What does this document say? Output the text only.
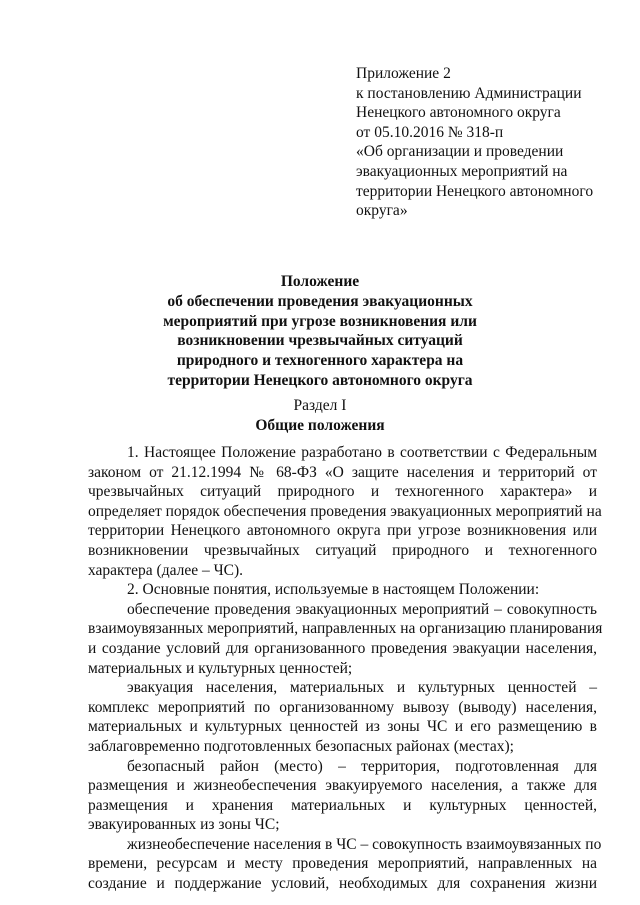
Приложение 2
к постановлению Администрации
Ненецкого автономного округа
от 05.10.2016 № 318-п
«Об организации и проведении
эвакуационных мероприятий на
территории Ненецкого автономного
округа»
Положение
об обеспечении проведения эвакуационных
мероприятий при угрозе возникновения или
возникновении чрезвычайных ситуаций
природного и техногенного характера на
территории Ненецкого автономного округа
Раздел I
Общие положения
1. Настоящее Положение разработано в соответствии с Федеральным
законом от 21.12.1994 № 68-ФЗ «О защите населения и территорий от
чрезвычайных ситуаций природного и техногенного характера» и
определяет порядок обеспечения проведения эвакуационных мероприятий на
территории Ненецкого автономного округа при угрозе возникновения или
возникновении чрезвычайных ситуаций природного и техногенного
характера (далее – ЧС).
2. Основные понятия, используемые в настоящем Положении:
обеспечение проведения эвакуационных мероприятий – совокупность
взаимоувязанных мероприятий, направленных на организацию планирования
и создание условий для организованного проведения эвакуации населения,
материальных и культурных ценностей;
эвакуация населения, материальных и культурных ценностей –
комплекс мероприятий по организованному вывозу (выводу) населения,
материальных и культурных ценностей из зоны ЧС и его размещению в
заблаговременно подготовленных безопасных районах (местах);
безопасный район (место) – территория, подготовленная для
размещения и жизнеобеспечения эвакуируемого населения, а также для
размещения и хранения материальных и культурных ценностей,
эвакуированных из зоны ЧС;
жизнеобеспечение населения в ЧС – совокупность взаимоувязанных по
времени, ресурсам и месту проведения мероприятий, направленных на
создание и поддержание условий, необходимых для сохранения жизни
